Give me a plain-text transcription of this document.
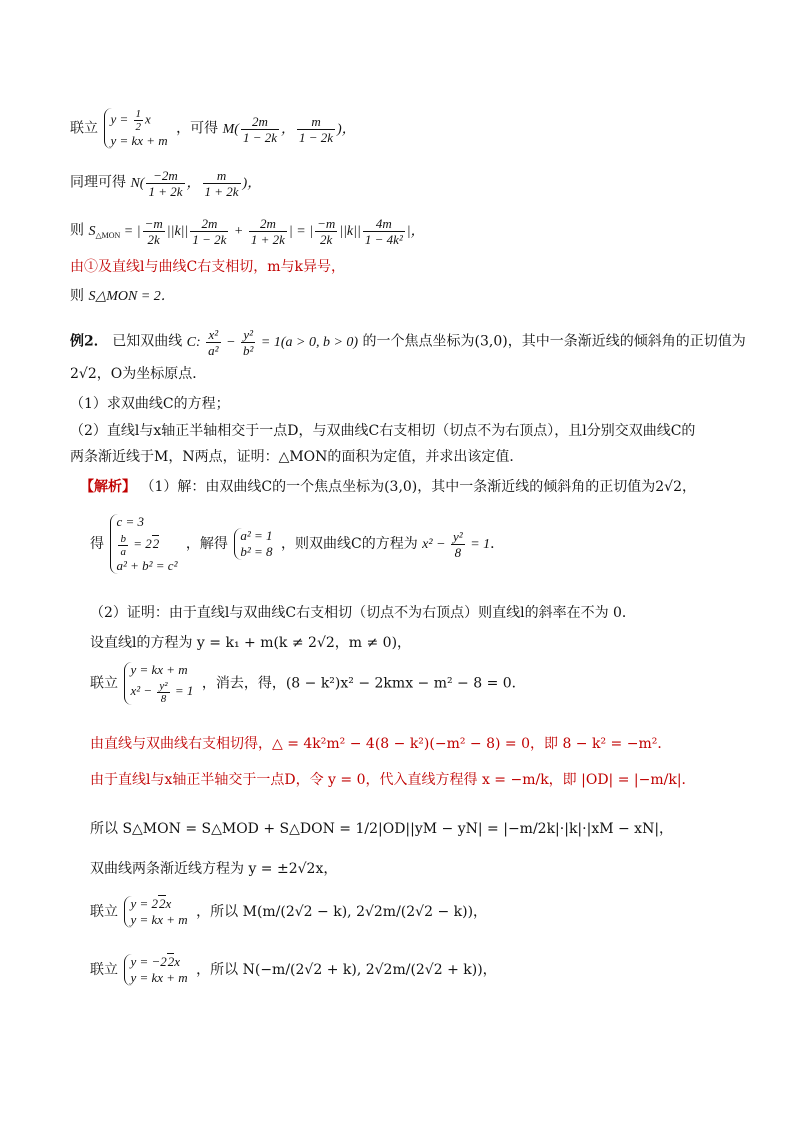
联立
$y = \frac{1}{2}$ x
y = kx + m
，可得 $M( \frac{2m}{1 - 2k}$ ， $\frac{m}{1 - 2k}$ )，
同理可得 $N( \frac{-2m}{1 + 2k}$ ， $\frac{m}{1 + 2k}$ )，
则 $S_{\triangle MON}$ = | $\frac{-m}{2k} ||k|| \frac{2m}{1 - 2k} + \frac{2m}{1 + 2k}$ | = | $\frac{-m}{2k} ||k|| \frac{4m}{\text{1 − 4k²}}$ |，
由①及直线l与曲线C右支相切，m与k异号，
则 S△MON = 2．
例2． 已知双曲线 C: $\frac{\text{x²}}{\text{a²}} - \frac{\text{y²}}{\text{b²}} = 1(a > 0$, b > 0) 的一个焦点坐标为(3,0)，其中一条渐近线的倾斜角的正切值为
2√2，O为坐标原点．
（1）求双曲线C的方程；
（2）直线l与x轴正半轴相交于一点D，与双曲线C右支相切（切点不为右顶点），且l分别交双曲线C的
两条渐近线于M，N两点，证明：△MON的面积为定值，并求出该定值．
【解析】 （1）解：由双曲线C的一个焦点坐标为(3,0)，其中一条渐近线的倾斜角的正切值为2√2，
得
c = 3
$\frac{b}{a} = 22$
a² + b² = c²
，解得
a² = 1
b² = 8 ，则双曲线C的方程为 $x^2 - \frac{\text{y²}}{8} = 1$．
（2）证明：由于直线l与双曲线C右支相切（切点不为右顶点）则直线l的斜率在不为 0．
设直线l的方程为 y = k₁ + m(k ≠ 2√2，m ≠ 0)，
联立
y = kx + m
$x^2 - \frac{\text{y²}}{8} = 1$ ，消去，得，(8 − k²)x² − 2kmx − m² − 8 = 0．
由直线与双曲线右支相切得，△ = 4k²m² − 4(8 − k²)(−m² − 8) = 0，即 8 − k² = −m²．
由于直线l与x轴正半轴交于一点D，令 y = 0，代入直线方程得 x = −m/k，即 |OD| = |−m/k|．
所以 S△MON = S△MOD + S△DON = 1/2|OD||yM − yN| = |−m/2k|·|k|·|xM − xN|，
双曲线两条渐近线方程为 y = ±2√2x，
联立
y = 22x
y = kx + m ，所以 M(m/(2√2 − k), 2√2m/(2√2 − k))，
联立
y = −22x
y = kx + m ，所以 N(−m/(2√2 + k), 2√2m/(2√2 + k))，
